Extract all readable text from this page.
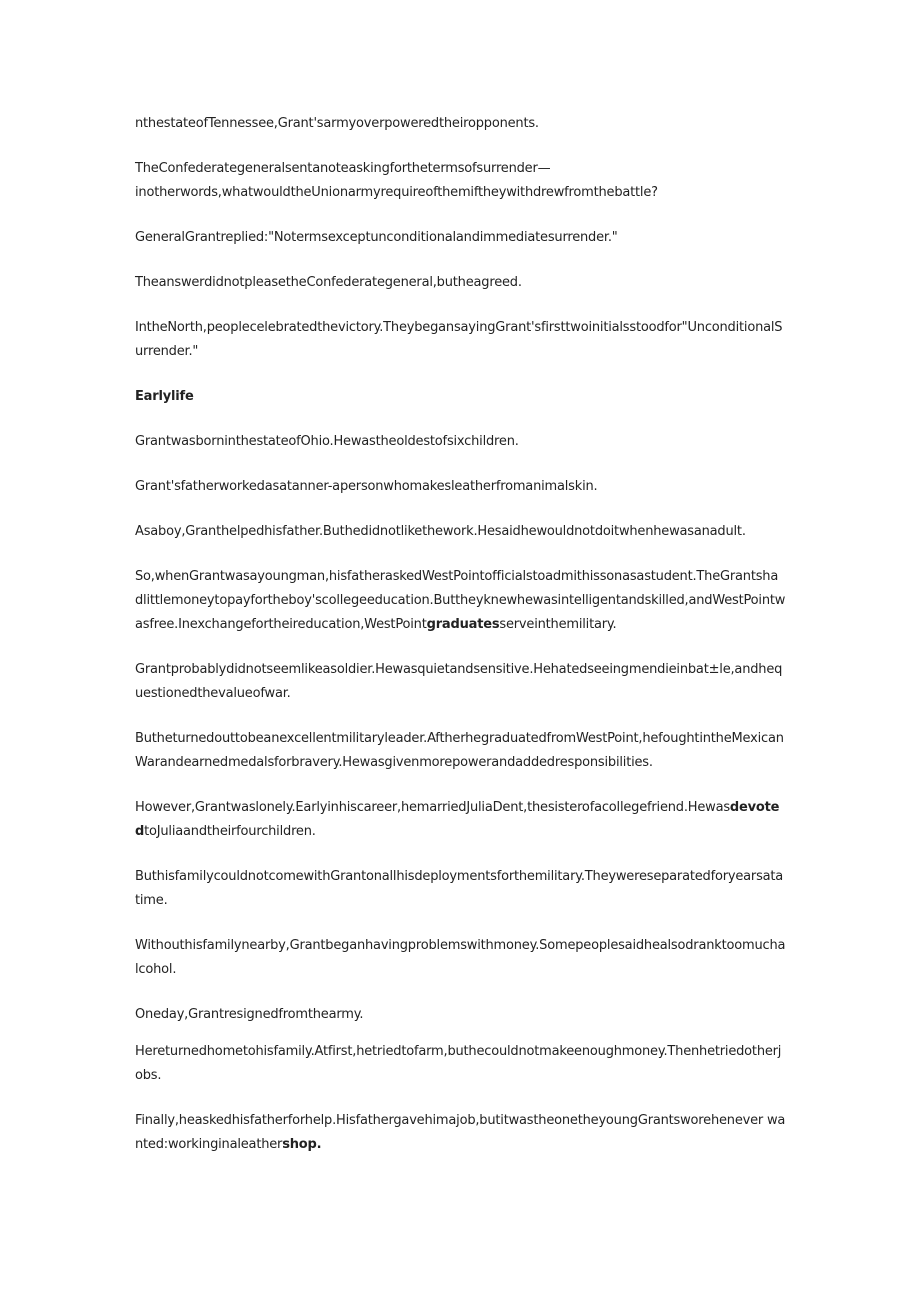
nthestateofTennessee,Grant'sarmyoverpoweredtheiropponents.

TheConfederategeneralsentanoteaskingforthetermsofsurrender—
inotherwords,whatwouldtheUnionarmyrequireofthemiftheywithdrewfromthebattle?

GeneralGrantreplied:"Notermsexceptunconditionalandimmediatesurrender."

TheanswerdidnotpleasetheConfederategeneral,butheagreed.

IntheNorth,peoplecelebratedthevictory.TheybegansayingGrant'sfirsttwoinitialsstoodfor"UnconditionalSurrender."

Earlylife

GrantwasborninthestateofOhio.Hewastheoldestofsixchildren.

Grant'sfatherworkedasatanner-apersonwhomakesleatherfromanimalskin.

Asaboy,Granthelpedhisfather.Buthedidnotlikethework.Hesaidhewouldnotdoitwhenhewasanadult.

So,whenGrantwasayoungman,hisfatheraskedWestPointofficialstoadmithissonasastudent.TheGrantshadlittlemoneytopayfortheboy'scollegeeducation.Buttheyknewhewasintelligentandskilled,andWestPointwasfree.Inexchangefortheireducation,WestPointgraduatesserveinthemilitary.

Grantprobablydidnotseemlikeasoldier.Hewasquietandsensitive.Hehatedseeingmendieinbat±le,andhequestionedthevalueofwar.

Butheturnedouttobeanexcellentmilitaryleader.AftherhegraduatedfromWestPoint,hefoughtintheMexicanWarandearnedmedalsforbravery.Hewasgivenmorepowerandaddedresponsibilities.

However,Grantwaslonely.Earlyinhiscareer,hemarriedJuliaDent,thesisterofacollegefriend.HewasdevotedtoJuliaandtheirfourchildren.

ButhisfamilycouldnotcomewithGrantonallhisdeploymentsforthemilitary.Theywereseparatedforyearsatatime.

Withouthisfamilynearby,Grantbeganhavingproblemswithmoney.Somepeoplesaidhealsodranktoomuchalcohol.

Oneday,Grantresignedfromthearmy.

Hereturnedhometohisfamily.Atfirst,hetriedtofarm,buthecouldnotmakeenoughmoney.Thenhetriedotherjobs.

Finally,heaskedhisfatherforhelp.Hisfathergavehimajob,butitwastheonetheyoungGrantsworehenever wanted:workinginaleathershop.
